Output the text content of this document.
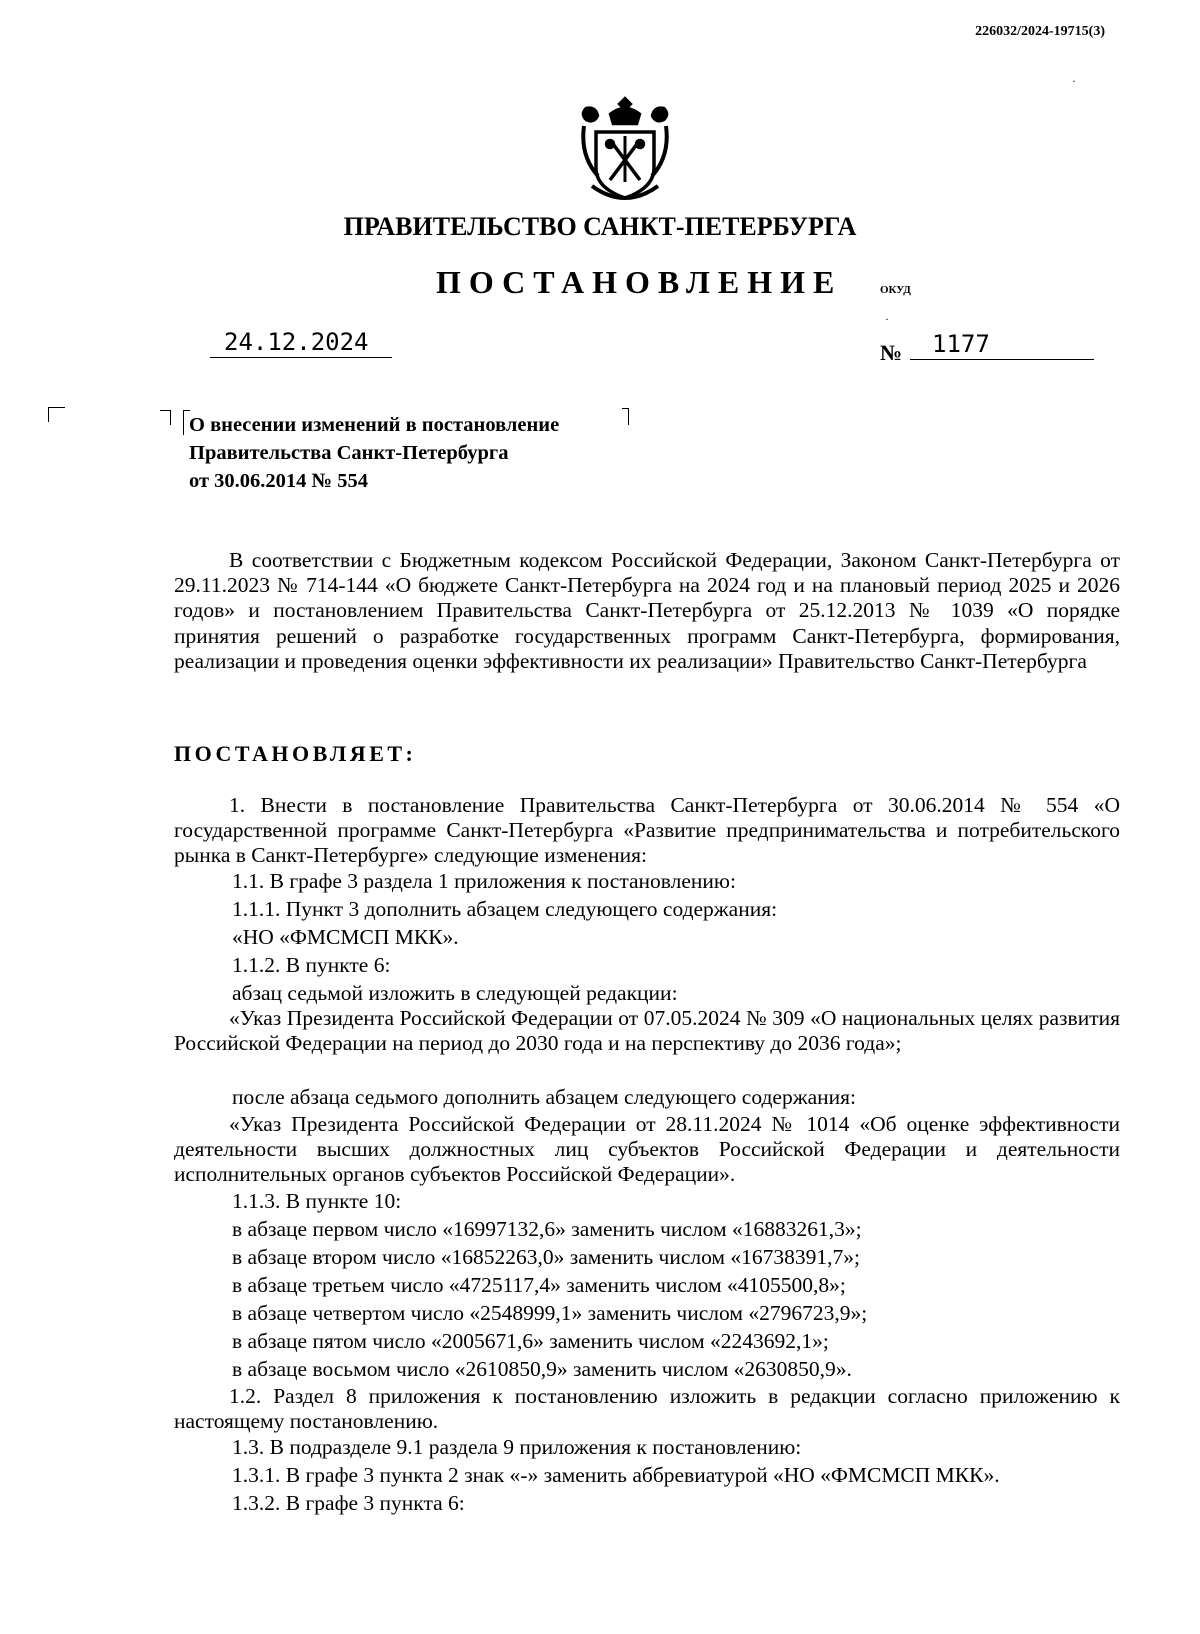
226032/2024-19715(3)
·
ПРАВИТЕЛЬСТВО САНКТ-ПЕТЕРБУРГА
ПОСТАНОВЛЕНИЕ	ОКУД
24.12.2024
·
№	1177
О внесении изменений в постановление
Правительства Санкт-Петербурга
от 30.06.2014 № 554
В соответствии с Бюджетным кодексом Российской Федерации, Законом Санкт-Петербурга от 29.11.2023 № 714-144 «О бюджете Санкт-Петербурга на 2024 год и на плановый период 2025 и 2026 годов» и постановлением Правительства Санкт-Петербурга от 25.12.2013 № 1039 «О порядке принятия решений о разработке государственных программ Санкт-Петербурга, формирования, реализации и проведения оценки эффективности их реализации» Правительство Санкт-Петербурга
ПОСТАНОВЛЯЕТ:
1. Внести в постановление Правительства Санкт-Петербурга от 30.06.2014 № 554 «О государственной программе Санкт-Петербурга «Развитие предпринимательства и потребительского рынка в Санкт-Петербурге» следующие изменения:
1.1. В графе 3 раздела 1 приложения к постановлению:
1.1.1. Пункт 3 дополнить абзацем следующего содержания:
«НО «ФМСМСП МКК».
1.1.2. В пункте 6:
абзац седьмой изложить в следующей редакции:
«Указ Президента Российской Федерации от 07.05.2024 № 309 «О национальных целях развития Российской Федерации на период до 2030 года и на перспективу до 2036 года»;
после абзаца седьмого дополнить абзацем следующего содержания:
«Указ Президента Российской Федерации от 28.11.2024 № 1014 «Об оценке эффективности деятельности высших должностных лиц субъектов Российской Федерации и деятельности исполнительных органов субъектов Российской Федерации».
1.1.3. В пункте 10:
в абзаце первом число «16997132,6» заменить числом «16883261,3»;
в абзаце втором число «16852263,0» заменить числом «16738391,7»;
в абзаце третьем число «4725117,4» заменить числом «4105500,8»;
в абзаце четвертом число «2548999,1» заменить числом «2796723,9»;
в абзаце пятом число «2005671,6» заменить числом «2243692,1»;
в абзаце восьмом число «2610850,9» заменить числом «2630850,9».
1.2. Раздел 8 приложения к постановлению изложить в редакции согласно приложению к настоящему постановлению.
1.3. В подразделе 9.1 раздела 9 приложения к постановлению:
1.3.1. В графе 3 пункта 2 знак «-» заменить аббревиатурой «НО «ФМСМСП МКК».
1.3.2. В графе 3 пункта 6:
